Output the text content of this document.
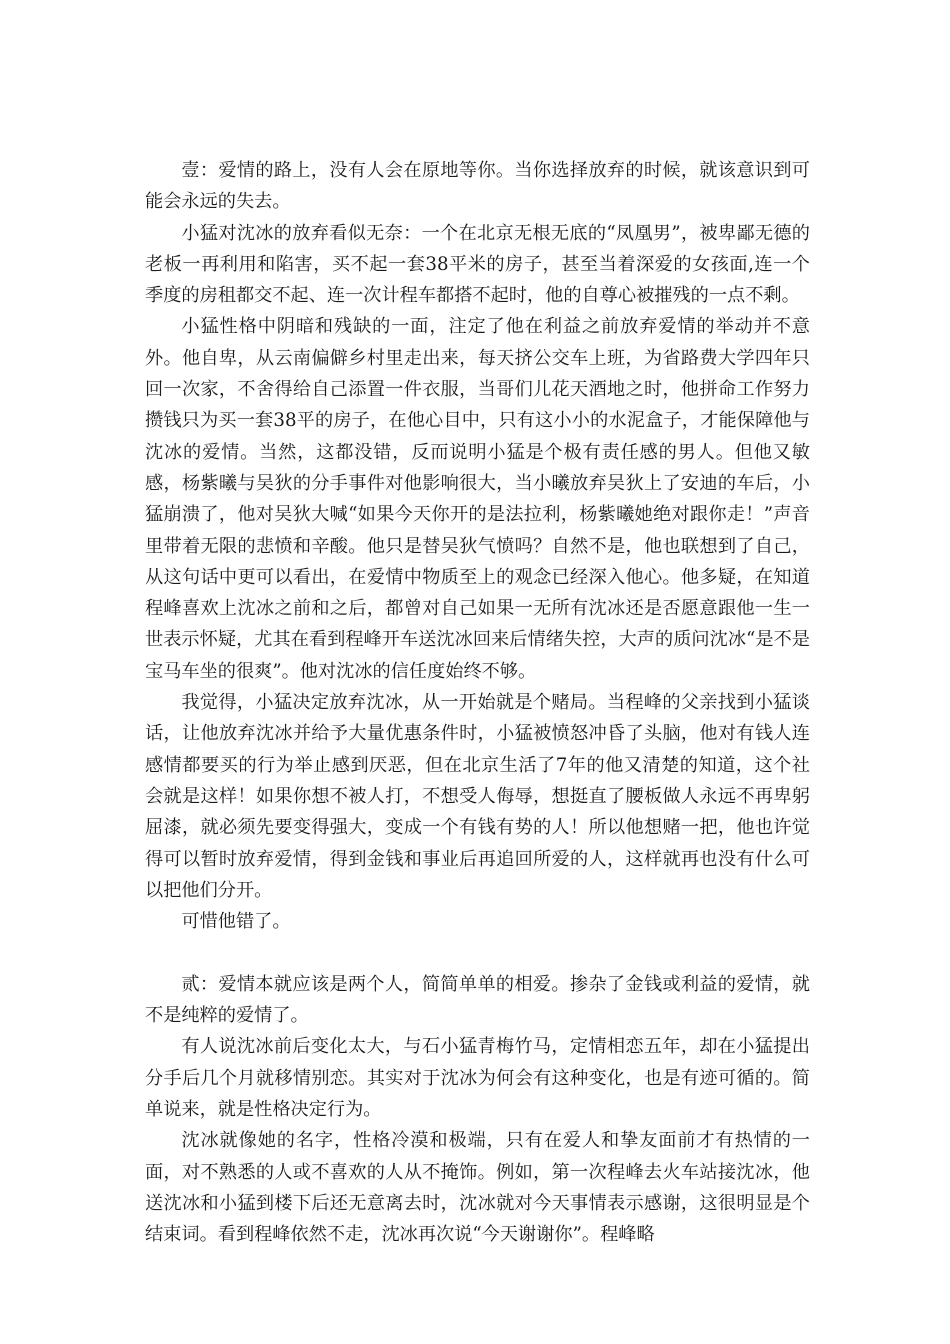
壹：爱情的路上，没有人会在原地等你。当你选择放弃的时候，就该意识到可能会永远的失去。

小猛对沈冰的放弃看似无奈：一个在北京无根无底的“凤凰男”，被卑鄙无德的老板一再利用和陷害，买不起一套38平米的房子，甚至当着深爱的女孩面,连一个季度的房租都交不起、连一次计程车都搭不起时，他的自尊心被摧残的一点不剩。

小猛性格中阴暗和残缺的一面，注定了他在利益之前放弃爱情的举动并不意外。他自卑，从云南偏僻乡村里走出来，每天挤公交车上班，为省路费大学四年只回一次家，不舍得给自己添置一件衣服，当哥们儿花天酒地之时，他拼命工作努力攒钱只为买一套38平的房子，在他心目中，只有这小小的水泥盒子，才能保障他与沈冰的爱情。当然，这都没错，反而说明小猛是个极有责任感的男人。但他又敏感，杨紫曦与吴狄的分手事件对他影响很大，当小曦放弃吴狄上了安迪的车后，小猛崩溃了，他对吴狄大喊“如果今天你开的是法拉利，杨紫曦她绝对跟你走！”声音里带着无限的悲愤和辛酸。他只是替吴狄气愤吗？自然不是，他也联想到了自己，从这句话中更可以看出，在爱情中物质至上的观念已经深入他心。他多疑，在知道程峰喜欢上沈冰之前和之后，都曾对自己如果一无所有沈冰还是否愿意跟他一生一世表示怀疑，尤其在看到程峰开车送沈冰回来后情绪失控，大声的质问沈冰“是不是宝马车坐的很爽”。他对沈冰的信任度始终不够。

我觉得，小猛决定放弃沈冰，从一开始就是个赌局。当程峰的父亲找到小猛谈话，让他放弃沈冰并给予大量优惠条件时，小猛被愤怒冲昏了头脑，他对有钱人连感情都要买的行为举止感到厌恶，但在北京生活了7年的他又清楚的知道，这个社会就是这样！如果你想不被人打，不想受人侮辱，想挺直了腰板做人永远不再卑躬屈漆，就必须先要变得强大，变成一个有钱有势的人！所以他想赌一把，他也许觉得可以暂时放弃爱情，得到金钱和事业后再追回所爱的人，这样就再也没有什么可以把他们分开。

可惜他错了。

贰：爱情本就应该是两个人，简简单单的相爱。掺杂了金钱或利益的爱情，就不是纯粹的爱情了。

有人说沈冰前后变化太大，与石小猛青梅竹马，定情相恋五年，却在小猛提出分手后几个月就移情别恋。其实对于沈冰为何会有这种变化，也是有迹可循的。简单说来，就是性格决定行为。

沈冰就像她的名字，性格冷漠和极端，只有在爱人和挚友面前才有热情的一面，对不熟悉的人或不喜欢的人从不掩饰。例如，第一次程峰去火车站接沈冰，他送沈冰和小猛到楼下后还无意离去时，沈冰就对今天事情表示感谢，这很明显是个结束词。看到程峰依然不走，沈冰再次说“今天谢谢你”。程峰略
